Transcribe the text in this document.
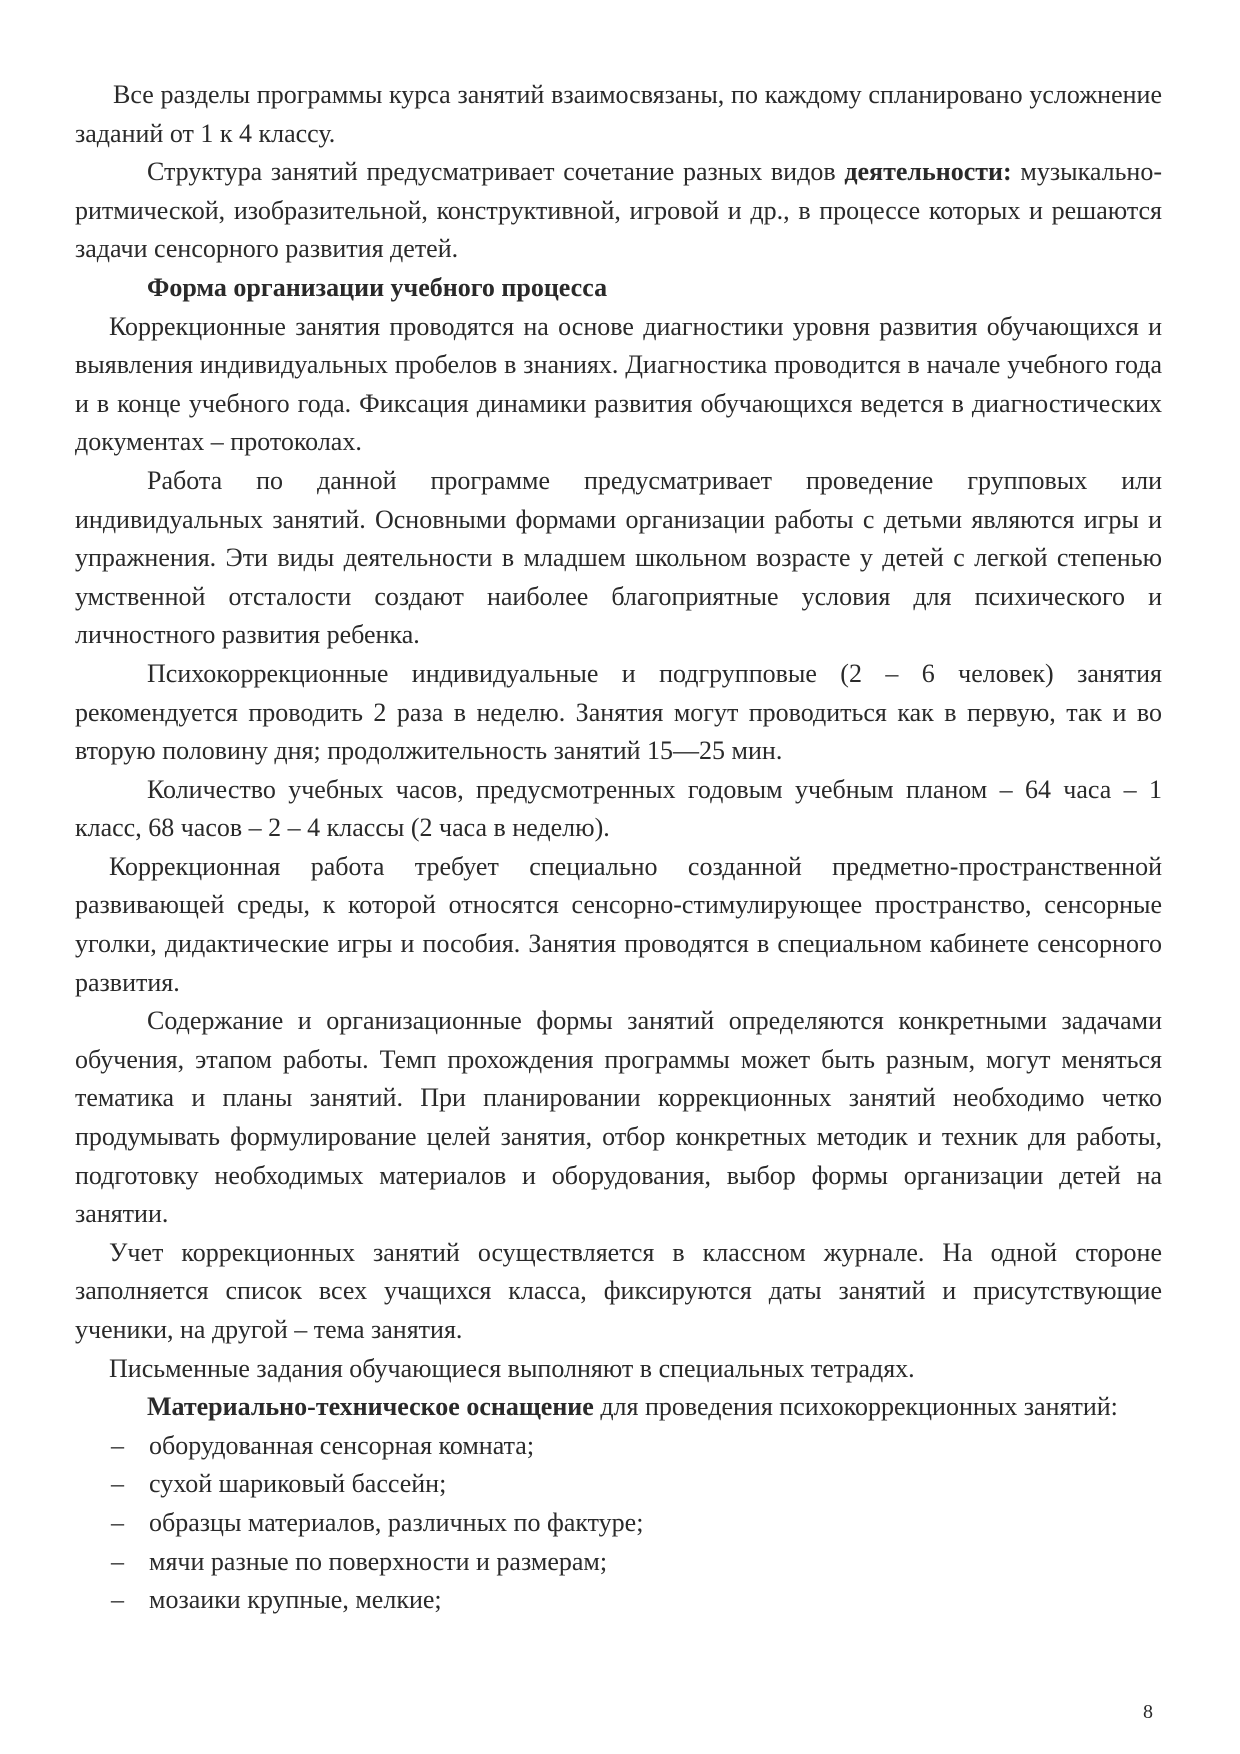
Все разделы программы курса занятий взаимосвязаны, по каждому спланировано усложнение заданий от 1 к 4 классу.

Структура занятий предусматривает сочетание разных видов деятельности: музыкально-ритмической, изобразительной, конструктивной, игровой и др., в процессе которых и решаются задачи сенсорного развития детей.

Форма организации учебного процесса

Коррекционные занятия проводятся на основе диагностики уровня развития обучающихся и выявления индивидуальных пробелов в знаниях. Диагностика проводится в начале учебного года и в конце учебного года. Фиксация динамики развития обучающихся ведется в диагностических документах – протоколах.

Работа по данной программе предусматривает проведение групповых или индивидуальных занятий. Основными формами организации работы с детьми являются игры и упражнения. Эти виды деятельности в младшем школьном возрасте у детей с легкой степенью умственной отсталости создают наиболее благоприятные условия для психического и личностного развития ребенка.

Психокоррекционные индивидуальные и подгрупповые (2 – 6 человек) занятия рекомендуется проводить 2 раза в неделю. Занятия могут проводиться как в первую, так и во вторую половину дня; продолжительность занятий 15—25 мин.

Количество учебных часов, предусмотренных годовым учебным планом – 64 часа – 1 класс, 68 часов – 2 – 4 классы (2 часа в неделю).

Коррекционная работа требует специально созданной предметно-пространственной развивающей среды, к которой относятся сенсорно-стимулирующее пространство, сенсорные уголки, дидактические игры и пособия. Занятия проводятся в специальном кабинете сенсорного развития.

Содержание и организационные формы занятий определяются конкретными задачами обучения, этапом работы. Темп прохождения программы может быть разным, могут меняться тематика и планы занятий. При планировании коррекционных занятий необходимо четко продумывать формулирование целей занятия, отбор конкретных методик и техник для работы, подготовку необходимых материалов и оборудования, выбор формы организации детей на занятии.

Учет коррекционных занятий осуществляется в классном журнале. На одной стороне заполняется список всех учащихся класса, фиксируются даты занятий и присутствующие ученики, на другой – тема занятия.

Письменные задания обучающиеся выполняют в специальных тетрадях.

Материально-техническое оснащение для проведения психокоррекционных занятий:

– оборудованная сенсорная комната;
– сухой шариковый бассейн;
– образцы материалов, различных по фактуре;
– мячи разные по поверхности и размерам;
– мозаики крупные, мелкие;
8
